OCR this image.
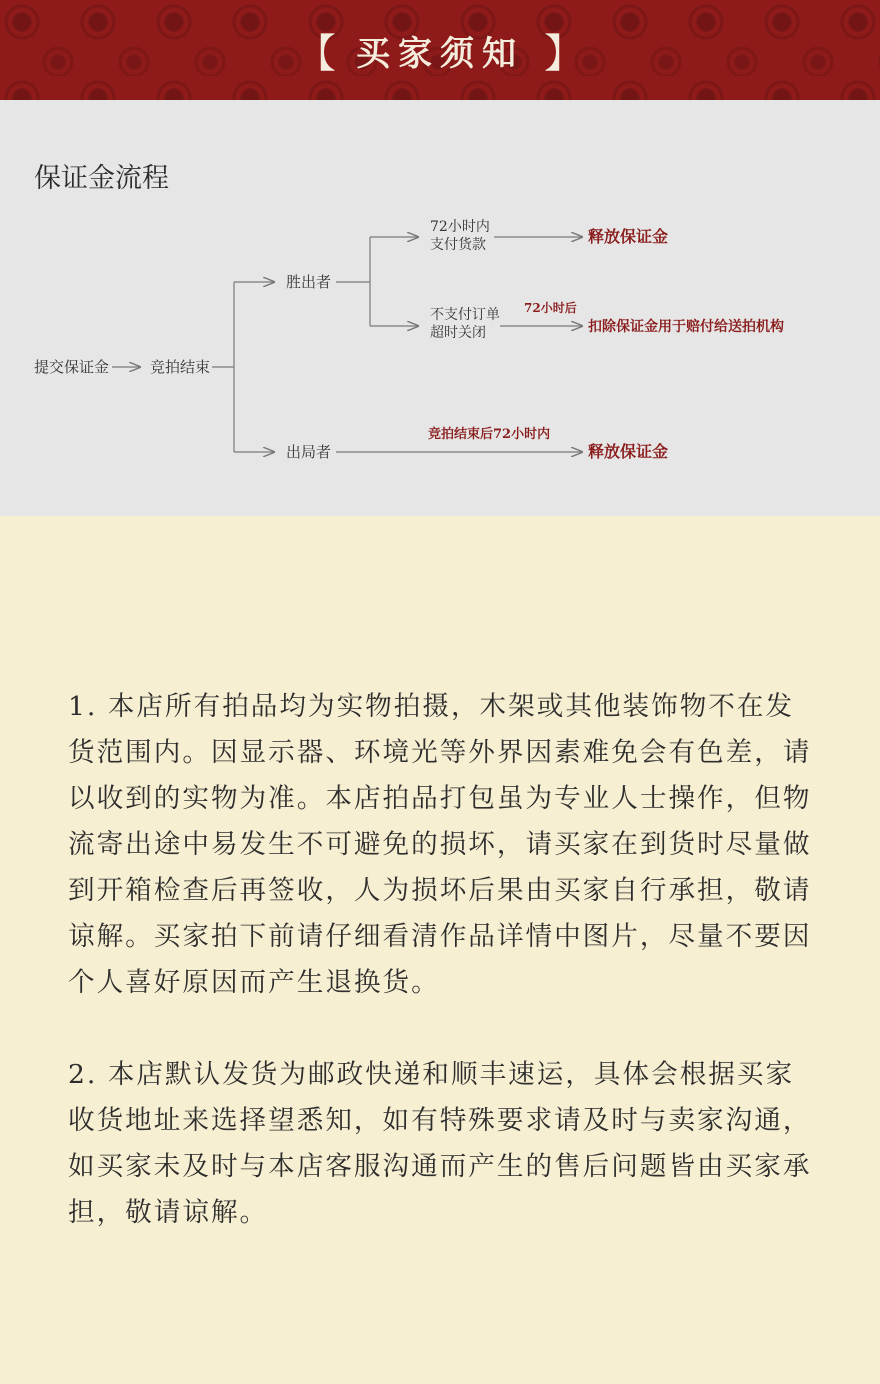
【 买家须知 】
保证金流程
提交保证金	竞拍结束
胜出者
出局者
72小时内 支付货款
不支付订单 超时关闭
释放保证金
72小时后
扣除保证金用于赔付给送拍机构
竞拍结束后72小时内
释放保证金

1. 本店所有拍品均为实物拍摄，木架或其他装饰物不在发货范围内。因显示器、环境光等外界因素难免会有色差，请以收到的实物为准。本店拍品打包虽为专业人士操作，但物流寄出途中易发生不可避免的损坏，请买家在到货时尽量做到开箱检查后再签收，人为损坏后果由买家自行承担，敬请谅解。买家拍下前请仔细看清作品详情中图片，尽量不要因个人喜好原因而产生退换货。

2. 本店默认发货为邮政快递和顺丰速运，具体会根据买家收货地址来选择望悉知，如有特殊要求请及时与卖家沟通，如买家未及时与本店客服沟通而产生的售后问题皆由买家承担，敬请谅解。
